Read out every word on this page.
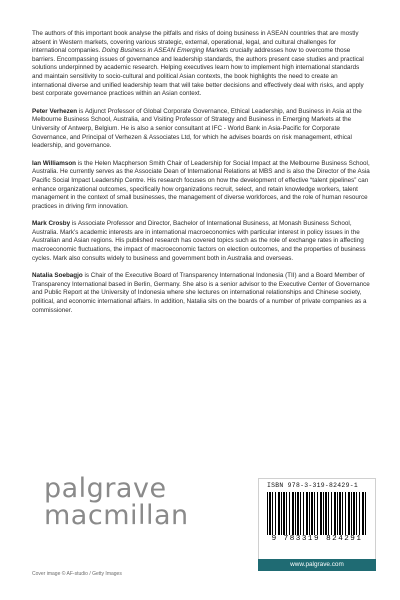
The authors of this important book analyse the pitfalls and risks of doing business in ASEAN countries that are mostly absent in Western markets, covering various strategic, external, operational, legal, and cultural challenges for international companies. Doing Business in ASEAN Emerging Markets crucially addresses how to overcome those barriers. Encompassing issues of governance and leadership standards, the authors present case studies and practical solutions underpinned by academic research. Helping executives learn how to implement high international standards and maintain sensitivity to socio-cultural and political Asian contexts, the book highlights the need to create an international diverse and unified leadership team that will take better decisions and effectively deal with risks, and apply best corporate governance practices within an Asian context.

Peter Verhezen is Adjunct Professor of Global Corporate Governance, Ethical Leadership, and Business in Asia at the Melbourne Business School, Australia, and Visiting Professor of Strategy and Business in Emerging Markets at the University of Antwerp, Belgium. He is also a senior consultant at IFC - World Bank in Asia-Pacific for Corporate Governance, and Principal of Verhezen & Associates Ltd, for which he advises boards on risk management, ethical leadership, and governance.

Ian Williamson is the Helen Macpherson Smith Chair of Leadership for Social Impact at the Melbourne Business School, Australia. He currently serves as the Associate Dean of International Relations at MBS and is also the Director of the Asia Pacific Social Impact Leadership Centre. His research focuses on how the development of effective “talent pipelines” can enhance organizational outcomes, specifically how organizations recruit, select, and retain knowledge workers, talent management in the context of small businesses, the management of diverse workforces, and the role of human resource practices in driving firm innovation.

Mark Crosby is Associate Professor and Director, Bachelor of International Business, at Monash Business School, Australia. Mark’s academic interests are in international macroeconomics with particular interest in policy issues in the Australian and Asian regions. His published research has covered topics such as the role of exchange rates in affecting macroeconomic fluctuations, the impact of macroeconomic factors on election outcomes, and the properties of business cycles. Mark also consults widely to business and government both in Australia and overseas.

Natalia Soebagjo is Chair of the Executive Board of Transparency International Indonesia (TII) and a Board Member of Transparency International based in Berlin, Germany. She also is a senior advisor to the Executive Center of Governance and Public Report at the University of Indonesia where she lectures on international relationships and Chinese society, political, and economic international affairs. In addition, Natalia sits on the boards of a number of private companies as a commissioner.

palgrave
macmillan
ISBN 978-3-319-82429-1
9 783319 824291
www.palgrave.com
Cover image © AF-studio / Getty Images
